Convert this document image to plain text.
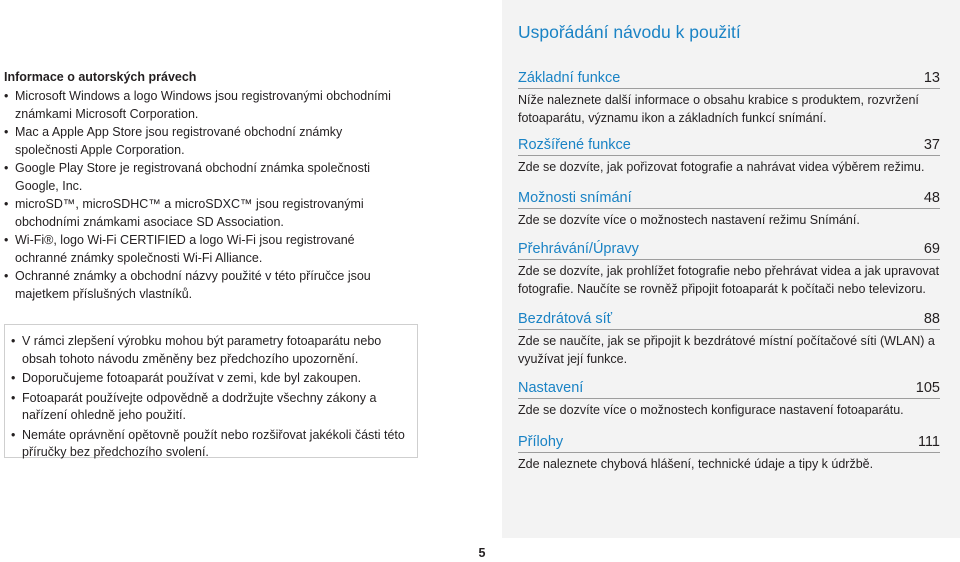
Uspořádání návodu k použití
Informace o autorských právech
• Microsoft Windows a logo Windows jsou registrovanými obchodními známkami Microsoft Corporation.
• Mac a Apple App Store jsou registrované obchodní známky společnosti Apple Corporation.
• Google Play Store je registrovaná obchodní známka společnosti Google, Inc.
• microSD™, microSDHC™ a microSDXC™ jsou registrovanými obchodními známkami asociace SD Association.
• Wi-Fi®, logo Wi-Fi CERTIFIED a logo Wi-Fi jsou registrované ochranné známky společnosti Wi-Fi Alliance.
• Ochranné známky a obchodní názvy použité v této příručce jsou majetkem příslušných vlastníků.
• V rámci zlepšení výrobku mohou být parametry fotoaparátu nebo obsah tohoto návodu změněny bez předchozího upozornění.
• Doporučujeme fotoaparát používat v zemi, kde byl zakoupen.
• Fotoaparát používejte odpovědně a dodržujte všechny zákony a nařízení ohledně jeho použití.
• Nemáte oprávnění opětovně použít nebo rozšiřovat jakékoli části této příručky bez předchozího svolení.
Základní funkce	13
Níže naleznete další informace o obsahu krabice s produktem, rozvržení fotoaparátu, významu ikon a základních funkcí snímání.
Rozšířené funkce	37
Zde se dozvíte, jak pořizovat fotografie a nahrávat videa výběrem režimu.
Možnosti snímání	48
Zde se dozvíte více o možnostech nastavení režimu Snímání.
Přehrávání/Úpravy	69
Zde se dozvíte, jak prohlížet fotografie nebo přehrávat videa a jak upravovat fotografie. Naučíte se rovněž připojit fotoaparát k počítači nebo televizoru.
Bezdrátová síť	88
Zde se naučíte, jak se připojit k bezdrátové místní počítačové síti (WLAN) a využívat její funkce.
Nastavení	105
Zde se dozvíte více o možnostech konfigurace nastavení fotoaparátu.
Přílohy	111
Zde naleznete chybová hlášení, technické údaje a tipy k údržbě.
5
